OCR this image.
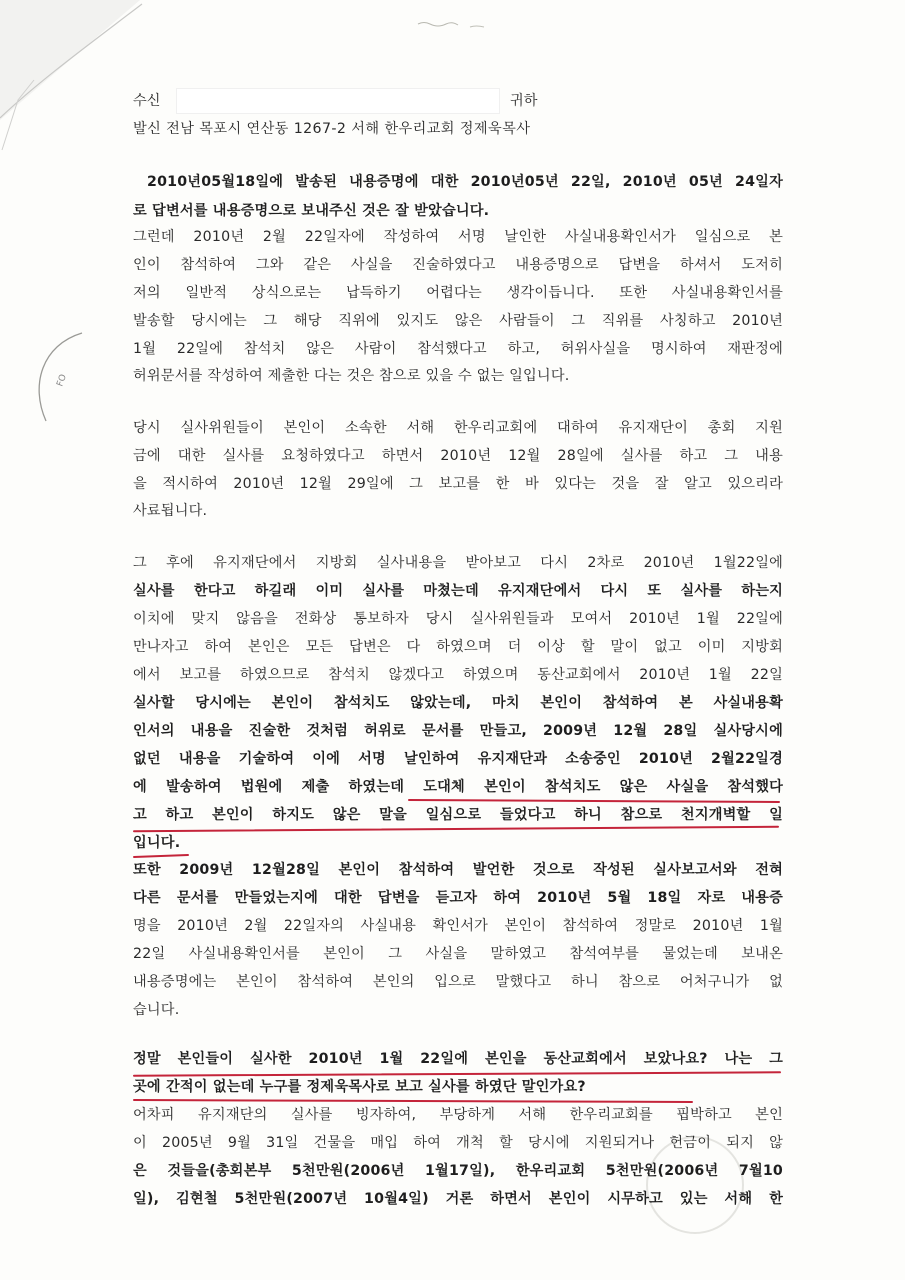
FO
수신	귀하
발신 전남 목포시 연산동 1267-2 서해 한우리교회 정제욱목사
2010년05월18일에 발송된 내용증명에 대한 2010년05년 22일, 2010년 05년 24일자
로 답변서를 내용증명으로 보내주신 것은 잘 받았습니다.
그런데 2010년 2월 22일자에 작성하여 서명 날인한 사실내용확인서가 일심으로 본
인이 참석하여 그와 같은 사실을 진술하였다고 내용증명으로 답변을 하셔서 도저히
저의 일반적 상식으로는 납득하기 어렵다는 생각이듭니다. 또한 사실내용확인서를
발송할 당시에는 그 해당 직위에 있지도 않은 사람들이 그 직위를 사칭하고 2010년
1월 22일에 참석치 않은 사람이 참석했다고 하고, 허위사실을 명시하여 재판정에
허위문서를 작성하여 제출한 다는 것은 참으로 있을 수 없는 일입니다.
당시 실사위원들이 본인이 소속한 서해 한우리교회에 대하여 유지재단이 총회 지원
금에 대한 실사를 요청하였다고 하면서 2010년 12월 28일에 실사를 하고 그 내용
을 적시하여 2010년 12월 29일에 그 보고를 한 바 있다는 것을 잘 알고 있으리라
사료됩니다.
그 후에 유지재단에서 지방회 실사내용을 받아보고 다시 2차로 2010년 1월22일에
실사를 한다고 하길래 이미 실사를 마쳤는데 유지재단에서 다시 또 실사를 하는지
이치에 맞지 않음을 전화상 통보하자 당시 실사위원들과 모여서 2010년 1월 22일에
만나자고 하여 본인은 모든 답변은 다 하였으며 더 이상 할 말이 없고 이미 지방회
에서 보고를 하였으므로 참석치 않겠다고 하였으며 동산교회에서 2010년 1월 22일
실사할 당시에는 본인이 참석치도 않았는데, 마치 본인이 참석하여 본 사실내용확
인서의 내용을 진술한 것처럼 허위로 문서를 만들고, 2009년 12월 28일 실사당시에
없던 내용을 기술하여 이에 서명 날인하여 유지재단과 소송중인 2010년 2월22일경
에 발송하여 법원에 제출 하였는데 도대체 본인이 참석치도 않은 사실을 참석했다
고 하고 본인이 하지도 않은 말을 일심으로 들었다고 하니 참으로 천지개벽할 일
입니다.
또한 2009년 12월28일 본인이 참석하여 발언한 것으로 작성된 실사보고서와 전혀
다른 문서를 만들었는지에 대한 답변을 듣고자 하여 2010년 5월 18일 자로 내용증
명을 2010년 2월 22일자의 사실내용 확인서가 본인이 참석하여 정말로 2010년 1월
22일 사실내용확인서를 본인이 그 사실을 말하였고 참석여부를 물었는데 보내온
내용증명에는 본인이 참석하여 본인의 입으로 말했다고 하니 참으로 어처구니가 없
습니다.
정말 본인들이 실사한 2010년 1월 22일에 본인을 동산교회에서 보았나요? 나는 그
곳에 간적이 없는데 누구를 정제욱목사로 보고 실사를 하였단 말인가요?
어차피 유지재단의 실사를 빙자하여, 부당하게 서해 한우리교회를 핍박하고 본인
이 2005년 9월 31일 건물을 매입 하여 개척 할 당시에 지원되거나 헌금이 되지 않
은 것들을(총회본부 5천만원(2006년 1월17일), 한우리교회 5천만원(2006년 7월10
일), 김현철 5천만원(2007년 10월4일) 거론 하면서 본인이 시무하고 있는 서해 한
